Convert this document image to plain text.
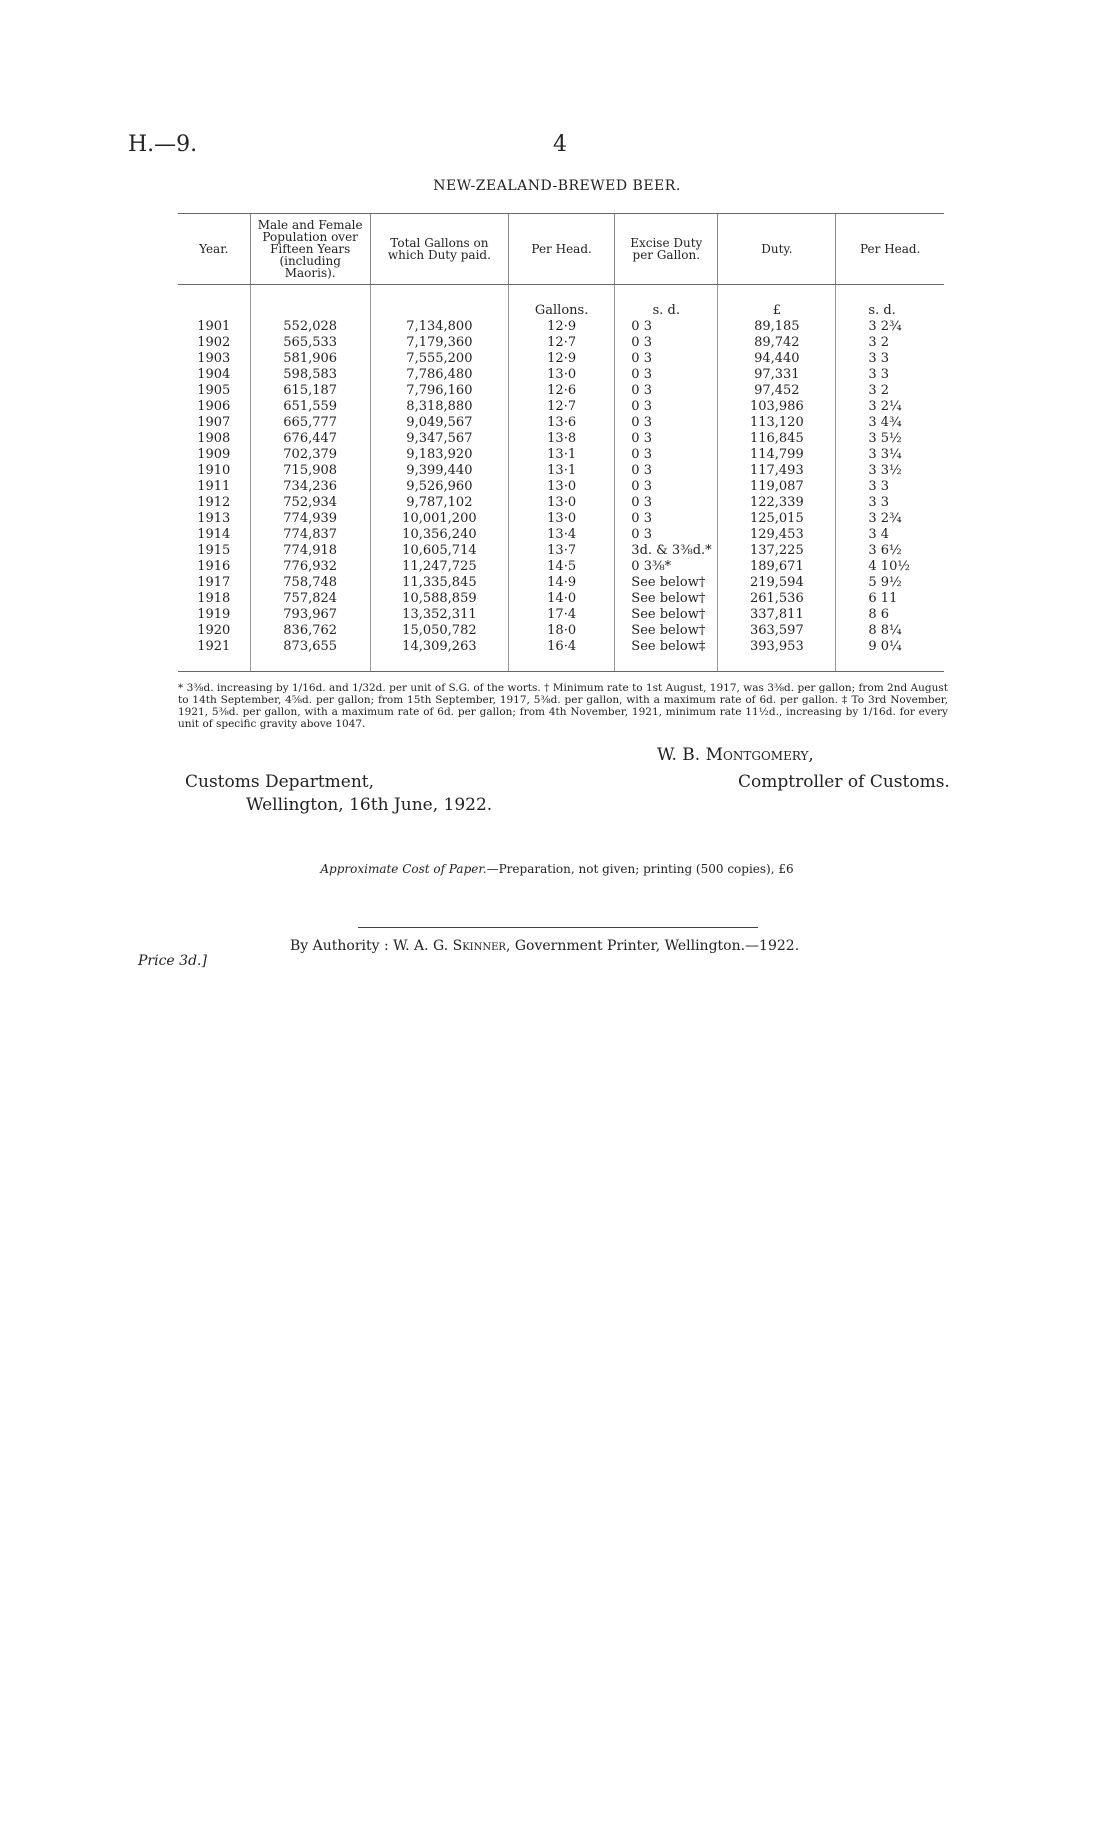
H.—9.	4
NEW-ZEALAND-BREWED BEER.
Year.	Male and Female Population over Fifteen Years (including Maoris).	Total Gallons on which Duty paid.	Per Head.	Excise Duty per Gallon.	Duty.	Per Head.

			Gallons.	s. d.	£	s. d.
1901	552,028	7,134,800	12·9	0 3	89,185	3 2¾
1902	565,533	7,179,360	12·7	0 3	89,742	3 2
1903	581,906	7,555,200	12·9	0 3	94,440	3 3
1904	598,583	7,786,480	13·0	0 3	97,331	3 3
1905	615,187	7,796,160	12·6	0 3	97,452	3 2
1906	651,559	8,318,880	12·7	0 3	103,986	3 2¼
1907	665,777	9,049,567	13·6	0 3	113,120	3 4¾
1908	676,447	9,347,567	13·8	0 3	116,845	3 5½
1909	702,379	9,183,920	13·1	0 3	114,799	3 3¼
1910	715,908	9,399,440	13·1	0 3	117,493	3 3½
1911	734,236	9,526,960	13·0	0 3	119,087	3 3
1912	752,934	9,787,102	13·0	0 3	122,339	3 3
1913	774,939	10,001,200	13·0	0 3	125,015	3 2¾
1914	774,837	10,356,240	13·4	0 3	129,453	3 4
1915	774,918	10,605,714	13·7	3d. & 3⅜d.*	137,225	3 6½
1916	776,932	11,247,725	14·5	0 3⅜*	189,671	4 10½
1917	758,748	11,335,845	14·9	See below†	219,594	5 9½
1918	757,824	10,588,859	14·0	See below†	261,536	6 11
1919	793,967	13,352,311	17·4	See below†	337,811	8 6
1920	836,762	15,050,782	18·0	See below†	363,597	8 8¼
1921	873,655	14,309,263	16·4	See below‡	393,953	9 0¼
* 3⅜d. increasing by 1/16d. and 1/32d. per unit of S.G. of the worts. † Minimum rate to 1st August, 1917, was 3⅜d. per gallon; from 2nd August to 14th September, 4⅝d. per gallon; from 15th September, 1917, 5⅜d. per gallon, with a maximum rate of 6d. per gallon. ‡ To 3rd November, 1921, 5⅜d. per gallon, with a maximum rate of 6d. per gallon; from 4th November, 1921, minimum rate 11½d., increasing by 1/16d. for every unit of specific gravity above 1047.
W. B. Montgomery,
Comptroller of Customs.
Customs Department,
Wellington, 16th June, 1922.
Approximate Cost of Paper.—Preparation, not given; printing (500 copies), £6
Price 3d.]
By Authority : W. A. G. Skinner, Government Printer, Wellington.—1922.
